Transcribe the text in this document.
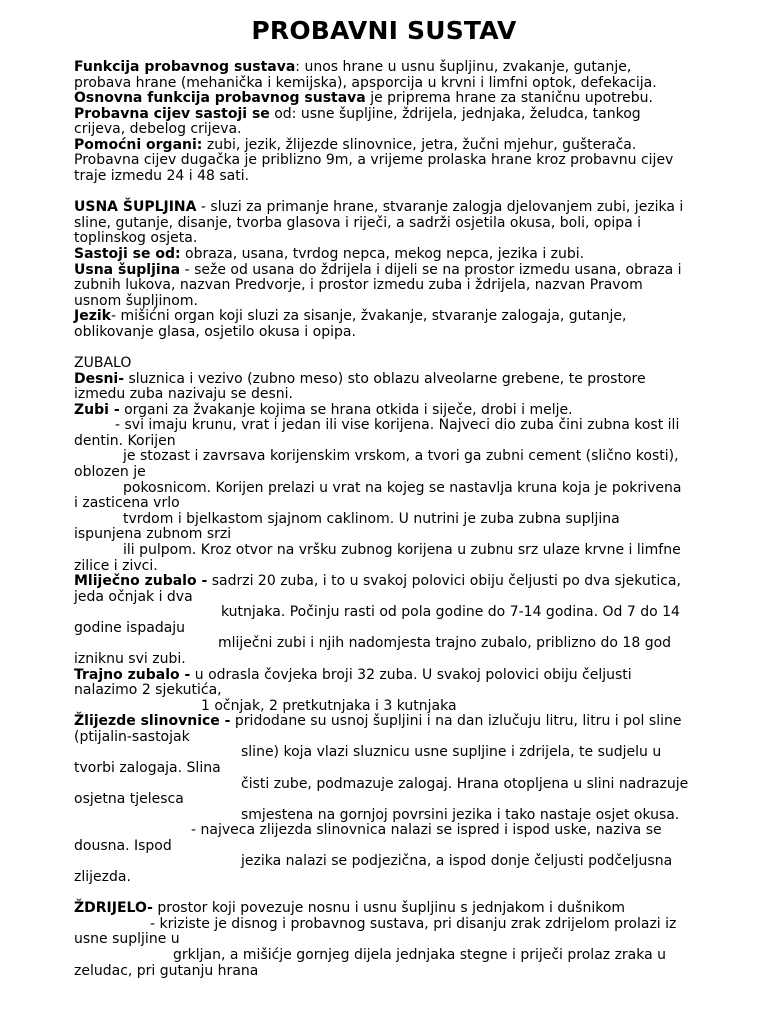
PROBAVNI SUSTAV
Funkcija probavnog sustava: unos hrane u usnu šupljinu, zvakanje, gutanje,
probava hrane (mehanička i kemijska), apsporcija u krvni i limfni optok, defekacija.
Osnovna funkcija probavnog sustava je priprema hrane za staničnu upotrebu.
Probavna cijev sastoji se od: usne šupljine, ždrijela, jednjaka, želudca, tankog
crijeva, debelog crijeva.
Pomoćni organi: zubi, jezik, žlijezde slinovnice, jetra, žučni mjehur, gušterača.
Probavna cijev dugačka je priblizno 9m, a vrijeme prolaska hrane kroz probavnu cijev
traje izmedu 24 i 48 sati.
USNA ŠUPLJINA - sluzi za primanje hrane, stvaranje zalogja djelovanjem zubi, jezika i
sline, gutanje, disanje, tvorba glasova i riječi, a sadrži osjetila okusa, boli, opipa i
toplinskog osjeta.
Sastoji se od: obraza, usana, tvrdog nepca, mekog nepca, jezika i zubi.
Usna šupljina - seže od usana do ždrijela i dijeli se na prostor izmedu usana, obraza i
zubnih lukova, nazvan Predvorje, i prostor izmedu zuba i ždrijela, nazvan Pravom
usnom šupljinom.
Jezik- mišićni organ koji sluzi za sisanje, žvakanje, stvaranje zalogaja, gutanje,
oblikovanje glasa, osjetilo okusa i opipa.
ZUBALO
Desni- sluznica i vezivo (zubno meso) sto oblazu alveolarne grebene, te prostore
izmedu zuba nazivaju se desni.
Zubi - organi za žvakanje kojima se hrana otkida i siječe, drobi i melje.
- svi imaju krunu, vrat i jedan ili vise korijena. Najveci dio zuba čini zubna kost ili
dentin. Korijen
je stozast i zavrsava korijenskim vrskom, a tvori ga zubni cement (slično kosti),
oblozen je
pokosnicom. Korijen prelazi u vrat na kojeg se nastavlja kruna koja je pokrivena
i zasticena vrlo
tvrdom i bjelkastom sjajnom caklinom. U nutrini je zuba zubna supljina
ispunjena zubnom srzi
ili pulpom. Kroz otvor na vršku zubnog korijena u zubnu srz ulaze krvne i limfne
zilice i zivci.
Mliječno zubalo - sadrzi 20 zuba, i to u svakoj polovici obiju čeljusti po dva sjekutica,
jeda očnjak i dva
kutnjaka. Počinju rasti od pola godine do 7-14 godina. Od 7 do 14
godine ispadaju
mliječni zubi i njih nadomjesta trajno zubalo, priblizno do 18 god
izniknu svi zubi.
Trajno zubalo - u odrasla čovjeka broji 32 zuba. U svakoj polovici obiju čeljusti
nalazimo 2 sjekutića,
1 očnjak, 2 pretkutnjaka i 3 kutnjaka
Žlijezde slinovnice - pridodane su usnoj šupljini i na dan izlučuju litru, litru i pol sline
(ptijalin-sastojak
sline) koja vlazi sluznicu usne supljine i zdrijela, te sudjelu u
tvorbi zalogaja. Slina
čisti zube, podmazuje zalogaj. Hrana otopljena u slini nadrazuje
osjetna tjelesca
smjestena na gornjoj povrsini jezika i tako nastaje osjet okusa.
- najveca zlijezda slinovnica nalazi se ispred i ispod uske, naziva se
dousna. Ispod
jezika nalazi se podjezična, a ispod donje čeljusti podčeljusna
zlijezda.
ŽDRIJELO- prostor koji povezuje nosnu i usnu šupljinu s jednjakom i dušnikom
- kriziste je disnog i probavnog sustava, pri disanju zrak zdrijelom prolazi iz
usne supljine u
grkljan, a mišićje gornjeg dijela jednjaka stegne i priječi prolaz zraka u
zeludac, pri gutanju hrana
